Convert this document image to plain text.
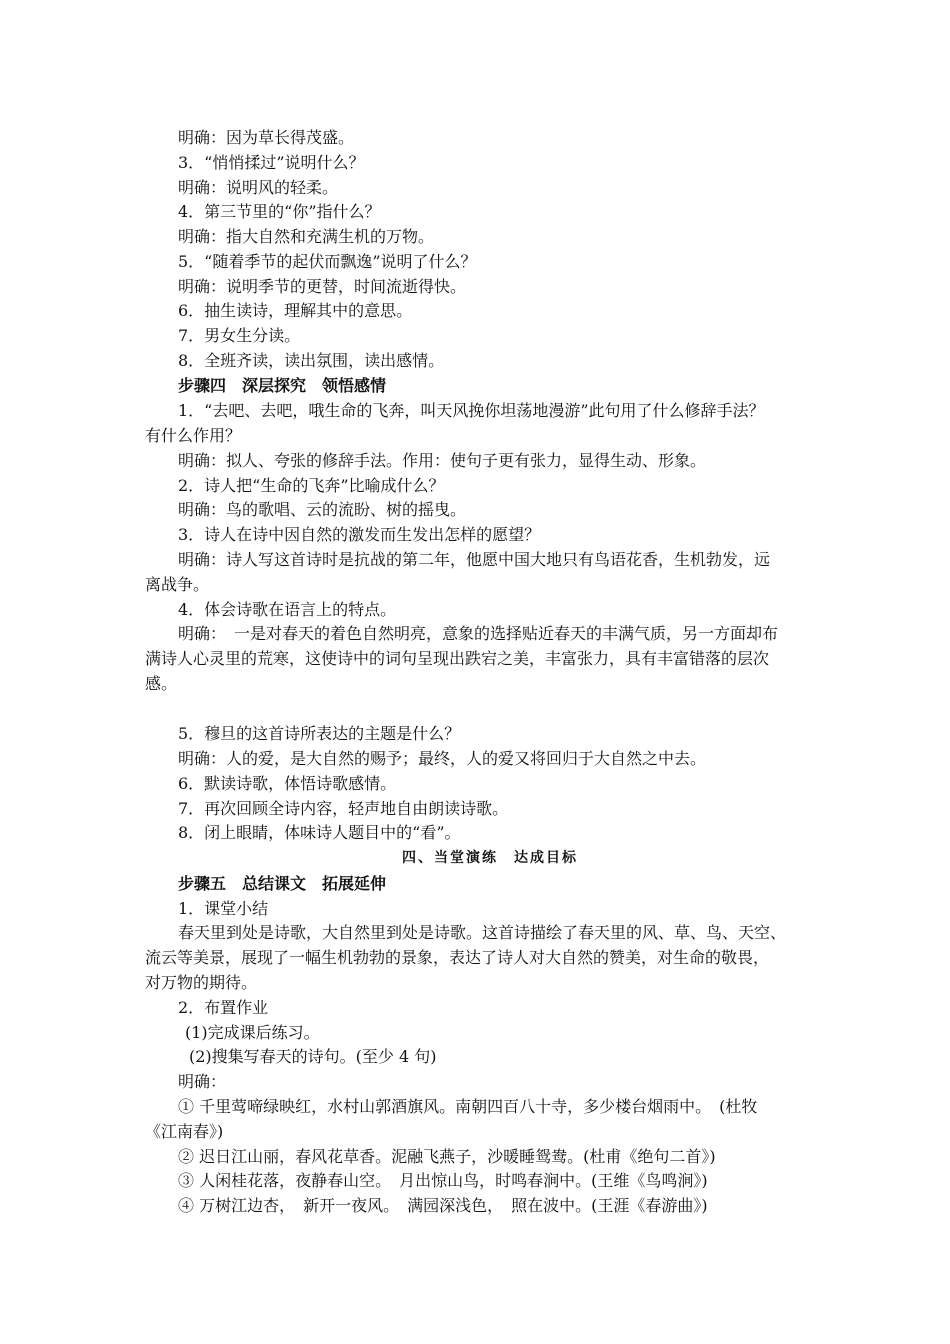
明确：因为草长得茂盛。
3．“悄悄揉过”说明什么？
明确：说明风的轻柔。
4．第三节里的“你”指什么？
明确：指大自然和充满生机的万物。
5．“随着季节的起伏而飘逸”说明了什么？
明确：说明季节的更替，时间流逝得快。
6．抽生读诗，理解其中的意思。
7．男女生分读。
8．全班齐读，读出氛围，读出感情。
步骤四　深层探究　领悟感情
1．“去吧、去吧，哦生命的飞奔，叫天风挽你坦荡地漫游”此句用了什么修辞手法？
有什么作用？
明确：拟人、夸张的修辞手法。作用：使句子更有张力，显得生动、形象。
2．诗人把“生命的飞奔”比喻成什么？
明确：鸟的歌唱、云的流盼、树的摇曳。
3．诗人在诗中因自然的激发而生发出怎样的愿望？
明确：诗人写这首诗时是抗战的第二年，他愿中国大地只有鸟语花香，生机勃发，远
离战争。
4．体会诗歌在语言上的特点。
明确：　一是对春天的着色自然明亮，意象的选择贴近春天的丰满气质，另一方面却布
满诗人心灵里的荒寒，这使诗中的词句呈现出跌宕之美，丰富张力，具有丰富错落的层次
感。
5．穆旦的这首诗所表达的主题是什么？
明确：人的爱，是大自然的赐予；最终，人的爱又将回归于大自然之中去。
6．默读诗歌，体悟诗歌感情。
7．再次回顾全诗内容，轻声地自由朗读诗歌。
8．闭上眼睛，体味诗人题目中的“看”。
四、当堂演练　达成目标
步骤五　总结课文　拓展延伸
1．课堂小结
春天里到处是诗歌，大自然里到处是诗歌。这首诗描绘了春天里的风、草、鸟、天空、
流云等美景，展现了一幅生机勃勃的景象，表达了诗人对大自然的赞美，对生命的敬畏，
对万物的期待。
2．布置作业
(1)完成课后练习。
(2)搜集写春天的诗句。(至少 4 句)
明确：
① 千里莺啼绿映红，水村山郭酒旗风。南朝四百八十寺，多少楼台烟雨中。　(杜牧
《江南春》)
② 迟日江山丽，春风花草香。泥融飞燕子，沙暖睡鸳鸯。(杜甫《绝句二首》)
③ 人闲桂花落，夜静春山空。　月出惊山鸟，时鸣春涧中。(王维《鸟鸣涧》)
④ 万树江边杏，　新开一夜风。　满园深浅色，　照在波中。(王涯《春游曲》)
